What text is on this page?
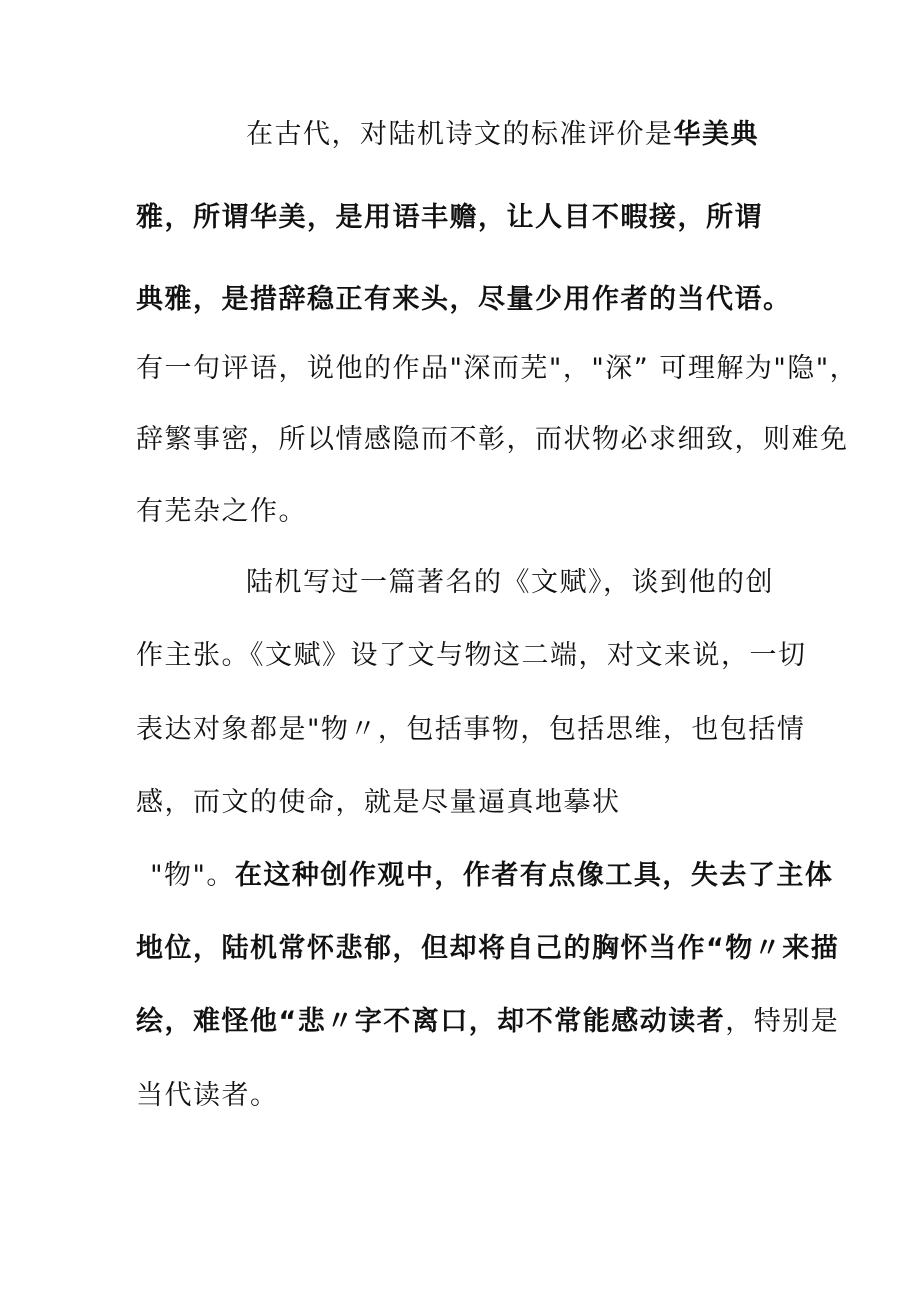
在古代，对陆机诗文的标准评价是华美典
雅，所谓华美，是用语丰赡，让人目不暇接，所谓
典雅，是措辞稳正有来头，尽量少用作者的当代语。
有一句评语，说他的作品"深而芜"，"深” 可理解为"隐"，
辞繁事密，所以情感隐而不彰，而状物必求细致，则难免
有芜杂之作。
陆机写过一篇著名的《文赋》，谈到他的创
作主张。《文赋》设了文与物这二端，对文来说，一切
表达对象都是"物〃，包括事物，包括思维，也包括情
感，而文的使命，就是尽量逼真地摹状
"物"。在这种创作观中，作者有点像工具，失去了主体
地位，陆机常怀悲郁，但却将自己的胸怀当作“物〃来描
绘，难怪他“悲〃字不离口，却不常能感动读者，特别是
当代读者。
